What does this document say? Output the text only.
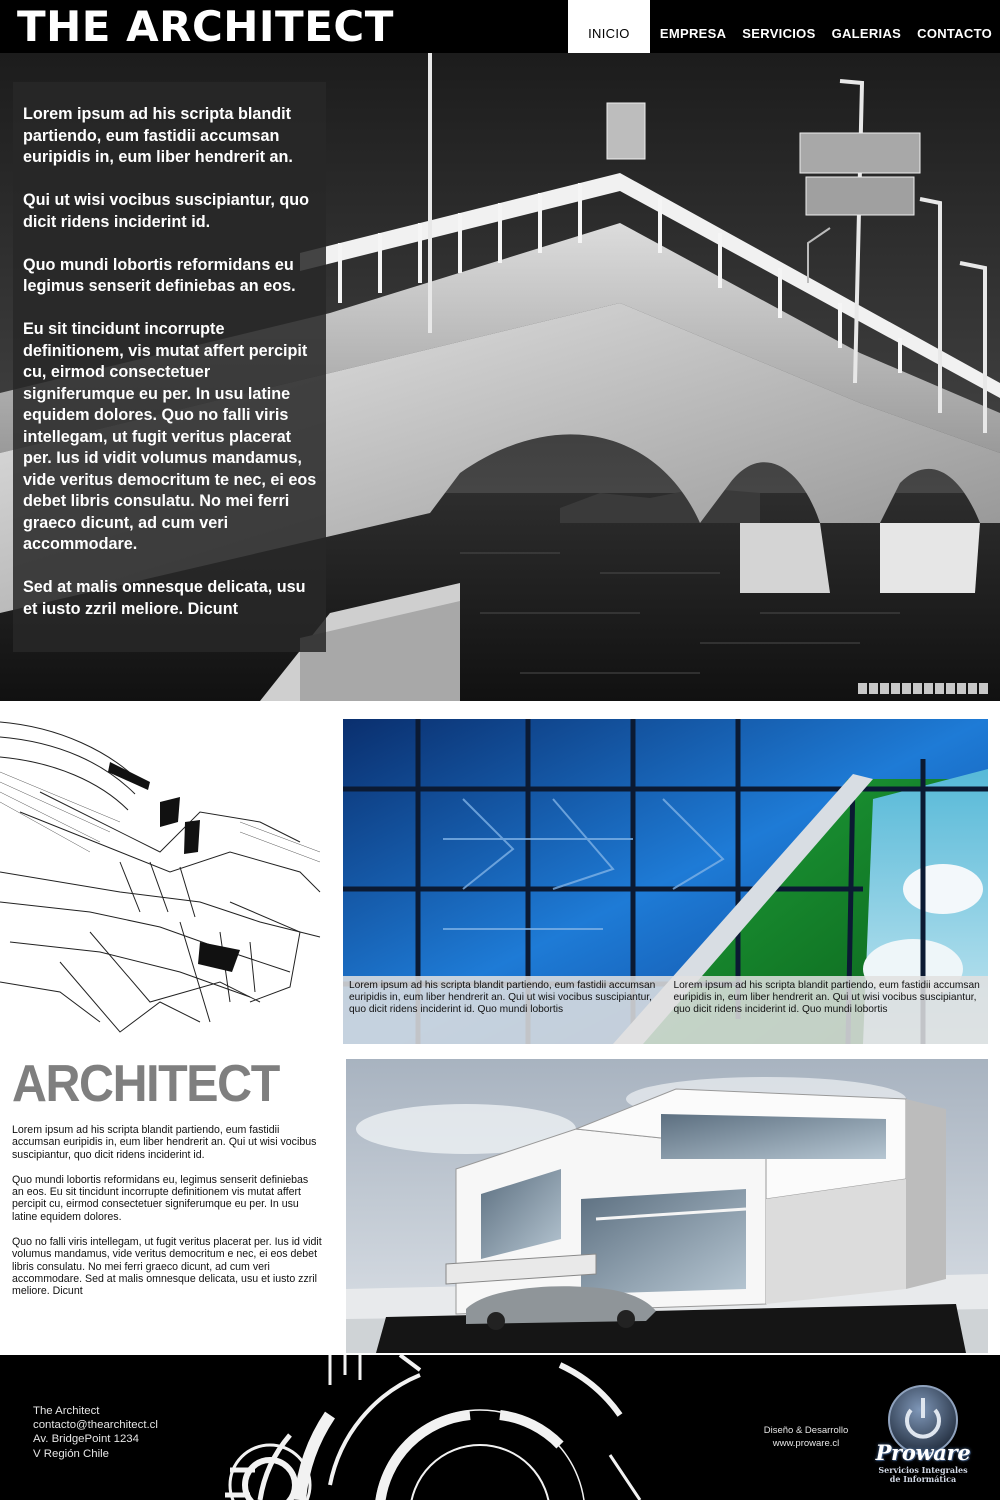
THE ARCHITECT	INICIO	EMPRESA	SERVICIOS	GALERIAS	CONTACTO

Lorem ipsum ad his scripta blandit partiendo, eum fastidii accumsan euripidis in, eum liber hendrerit an.

Qui ut wisi vocibus suscipiantur, quo dicit ridens inciderint id.

Quo mundi lobortis reformidans eu legimus senserit definiebas an eos.

Eu sit tincidunt incorrupte definitionem, vis mutat affert percipit cu, eirmod consectetuer signiferumque eu per. In usu latine equidem dolores. Quo no falli viris intellegam, ut fugit veritus placerat per. Ius id vidit volumus mandamus, vide veritus democritum te nec, ei eos debet libris consulatu. No mei ferri graeco dicunt, ad cum veri accommodare.

Sed at malis omnesque delicata, usu et iusto zzril meliore. Dicunt

Lorem ipsum ad his scripta blandit partiendo, eum fastidii accumsan euripidis in, eum liber hendrerit an. Qui ut wisi vocibus suscipiantur, quo dicit ridens inciderint id. Quo mundi lobortis
Lorem ipsum ad his scripta blandit partiendo, eum fastidii accumsan euripidis in, eum liber hendrerit an. Qui ut wisi vocibus suscipiantur, quo dicit ridens inciderint id. Quo mundi lobortis
ARCHITECT

Lorem ipsum ad his scripta blandit partiendo, eum fastidii accumsan euripidis in, eum liber hendrerit an. Qui ut wisi vocibus suscipiantur, quo dicit ridens inciderint id.

Quo mundi lobortis reformidans eu, legimus senserit definiebas an eos. Eu sit tincidunt incorrupte definitionem vis mutat affert percipit cu, eirmod consectetuer signiferumque eu per. In usu latine equidem dolores.

Quo no falli viris intellegam, ut fugit veritus placerat per. Ius id vidit volumus mandamus, vide veritus democritum e nec, ei eos debet libris consulatu. No mei ferri graeco dicunt, ad cum veri accommodare. Sed at malis omnesque delicata, usu et iusto zzril meliore. Dicunt

The Architect
contacto@thearchitect.cl
Av. BridgePoint 1234
V Región Chile
Diseño & Desarrollo
www.proware.cl	Proware
Servicios Integrales
de Informática
